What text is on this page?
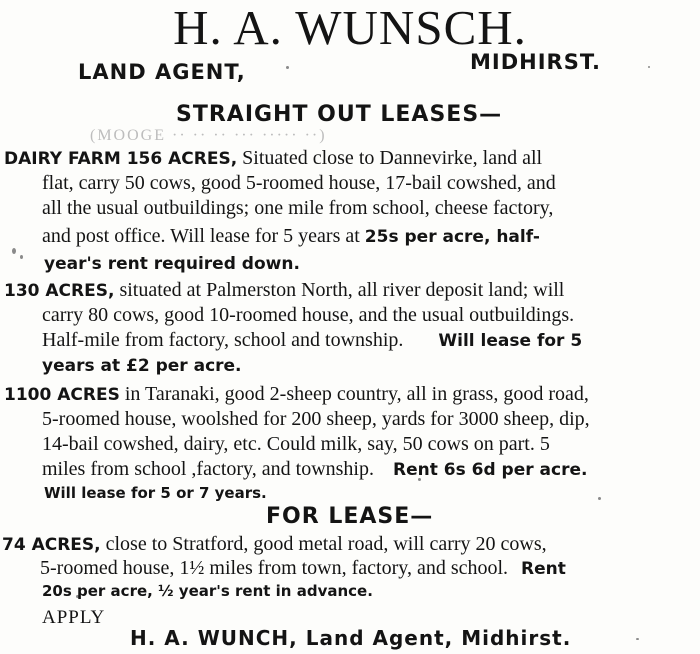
(MOOGE ·· ·· ·· ··· ····· ··)
H. A. WUNSCH.
LAND AGENT,	MIDHIRST.
STRAIGHT OUT LEASES—
DAIRY FARM 156 ACRES, Situated close to Dannevirke, land all
flat, carry 50 cows, good 5-roomed house, 17-bail cowshed, and
all the usual outbuildings; one mile from school, cheese factory,
and post office. Will lease for 5 years at 25s per acre, half-
year's rent required down.
130 ACRES, situated at Palmerston North, all river deposit land; will
carry 80 cows, good 10-roomed house, and the usual outbuildings.
Half-mile from factory, school and township. Will lease for 5
years at £2 per acre.
1100 ACRES in Taranaki, good 2-sheep country, all in grass, good road,
5-roomed house, woolshed for 200 sheep, yards for 3000 sheep, dip,
14-bail cowshed, dairy, etc. Could milk, say, 50 cows on part. 5
miles from school ,factory, and township. Rent 6s 6d per acre.
Will lease for 5 or 7 years.
FOR LEASE—
74 ACRES, close to Stratford, good metal road, will carry 20 cows,
5-roomed house, 1½ miles from town, factory, and school. Rent
20s per acre, ½ year's rent in advance.
APPLY
H. A. WUNCH, Land Agent, Midhirst.
